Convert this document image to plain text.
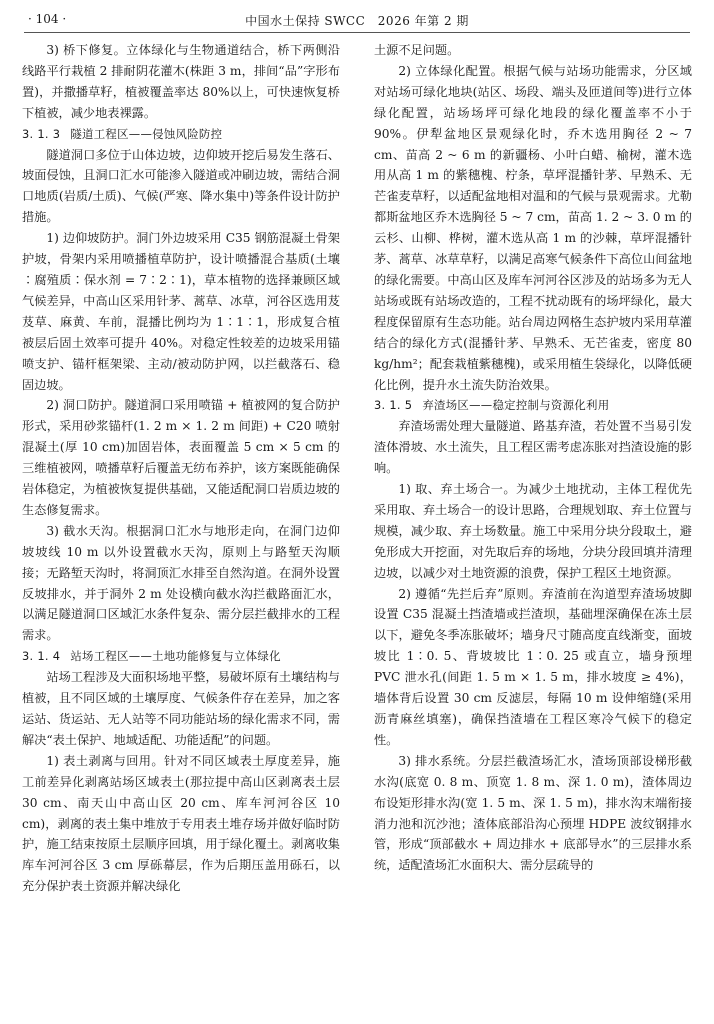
· 104 ·	中国水土保持 SWCC　2026 年第 2 期

3) 桥下修复。立体绿化与生物通道结合，桥下两侧沿线路平行栽植 2 排耐阴花灌木(株距 3 m，排间“品”字形布置)，并撒播草籽，植被覆盖率达 80%以上，可快速恢复桥下植被，减少地表裸露。

3. 1. 3 隧道工程区——侵蚀风险防控

隧道洞口多位于山体边坡，边仰坡开挖后易发生落石、坡面侵蚀，且洞口汇水可能渗入隧道或冲刷边坡，需结合洞口地质(岩质/土质)、气候(严寒、降水集中)等条件设计防护措施。

1) 边仰坡防护。洞门外边坡采用 C35 钢筋混凝土骨架护坡，骨架内采用喷播植草防护，设计喷播混合基质(土壤∶腐殖质∶保水剂 = 7∶2∶1)，草本植物的选择兼顾区域气候差异，中高山区采用针茅、蒿草、冰草，河谷区选用芨芨草、麻黄、车前，混播比例均为 1∶1∶1，形成复合植被层后固土效率可提升 40%。对稳定性较差的边坡采用锚喷支护、锚杆框架梁、主动/被动防护网，以拦截落石、稳固边坡。

2) 洞口防护。隧道洞口采用喷锚 + 植被网的复合防护形式，采用砂浆锚杆(1. 2 m × 1. 2 m 间距) + C20 喷射混凝土(厚 10 cm)加固岩体，表面覆盖 5 cm × 5 cm 的三维植被网，喷播草籽后覆盖无纺布养护，该方案既能确保岩体稳定，为植被恢复提供基础，又能适配洞口岩质边坡的生态修复需求。

3) 截水天沟。根据洞口汇水与地形走向，在洞门边仰坡坡线 10 m 以外设置截水天沟，原则上与路堑天沟顺接；无路堑天沟时，将洞顶汇水排至自然沟道。在洞外设置反坡排水，并于洞外 2 m 处设横向截水沟拦截路面汇水，以满足隧道洞口区域汇水条件复杂、需分层拦截排水的工程需求。

3. 1. 4 站场工程区——土地功能修复与立体绿化

站场工程涉及大面积场地平整，易破坏原有土壤结构与植被，且不同区域的土壤厚度、气候条件存在差异，加之客运站、货运站、无人站等不同功能站场的绿化需求不同，需解决“表土保护、地域适配、功能适配”的问题。

1) 表土剥离与回用。针对不同区域表土厚度差异，施工前差异化剥离站场区域表土(那拉提中高山区剥离表土层 30 cm、南天山中高山区 20 cm、库车河河谷区 10 cm)，剥离的表土集中堆放于专用表土堆存场并做好临时防护，施工结束按原土层顺序回填，用于绿化覆土。剥离收集库车河河谷区 3 cm 厚砾幕层，作为后期压盖用砾石，以充分保护表土资源并解决绿化

土源不足问题。

2) 立体绿化配置。根据气候与站场功能需求，分区域对站场可绿化地块(站区、场段、端头及匝道间等)进行立体绿化配置，站场场坪可绿化地段的绿化覆盖率不小于 90%。伊犁盆地区景观绿化时，乔木选用胸径 2 ~ 7 cm、苗高 2 ~ 6 m 的新疆杨、小叶白蜡、榆树，灌木选用从高 1 m 的紫穗槐、柠条，草坪混播针茅、早熟禾、无芒雀麦草籽，以适配盆地相对温和的气候与景观需求。尤勒都斯盆地区乔木选胸径 5 ~ 7 cm，苗高 1. 2 ~ 3. 0 m 的云杉、山柳、桦树，灌木选从高 1 m 的沙棘，草坪混播针茅、蒿草、冰草草籽，以满足高寒气候条件下高位山间盆地的绿化需要。中高山区及库车河河谷区涉及的站场多为无人站场或既有站场改造的，工程不扰动既有的场坪绿化，最大程度保留原有生态功能。站台周边网格生态护坡内采用草灌结合的绿化方式(混播针茅、早熟禾、无芒雀麦，密度 80 kg/hm²；配套栽植紫穗槐)，或采用植生袋绿化，以降低硬化比例，提升水土流失防治效果。

3. 1. 5 弃渣场区——稳定控制与资源化利用

弃渣场需处理大量隧道、路基弃渣，若处置不当易引发渣体滑坡、水土流失，且工程区需考虑冻胀对挡渣设施的影响。

1) 取、弃土场合一。为减少土地扰动，主体工程优先采用取、弃土场合一的设计思路，合理规划取、弃土位置与规模，减少取、弃土场数量。施工中采用分块分段取土，避免形成大开挖面，对先取后弃的场地，分块分段回填并清理边坡，以减少对土地资源的浪费，保护工程区土地资源。

2) 遵循“先拦后弃”原则。弃渣前在沟道型弃渣场坡脚设置 C35 混凝土挡渣墙或拦渣坝，基础埋深确保在冻土层以下，避免冬季冻胀破坏；墙身尺寸随高度直线渐变，面坡坡比 1∶0. 5、背坡坡比 1∶0. 25 或直立，墙身预埋 PVC 泄水孔(间距 1. 5 m × 1. 5 m，排水坡度 ≥ 4%)，墙体背后设置 30 cm 反滤层，每隔 10 m 设伸缩缝(采用沥青麻丝填塞)，确保挡渣墙在工程区寒冷气候下的稳定性。

3) 排水系统。分层拦截渣场汇水，渣场顶部设梯形截水沟(底宽 0. 8 m、顶宽 1. 8 m、深 1. 0 m)，渣体周边布设矩形排水沟(宽 1. 5 m、深 1. 5 m)，排水沟末端衔接消力池和沉沙池；渣体底部沿沟心预埋 HDPE 波纹钢排水管，形成“顶部截水 + 周边排水 + 底部导水”的三层排水系统，适配渣场汇水面积大、需分层疏导的
